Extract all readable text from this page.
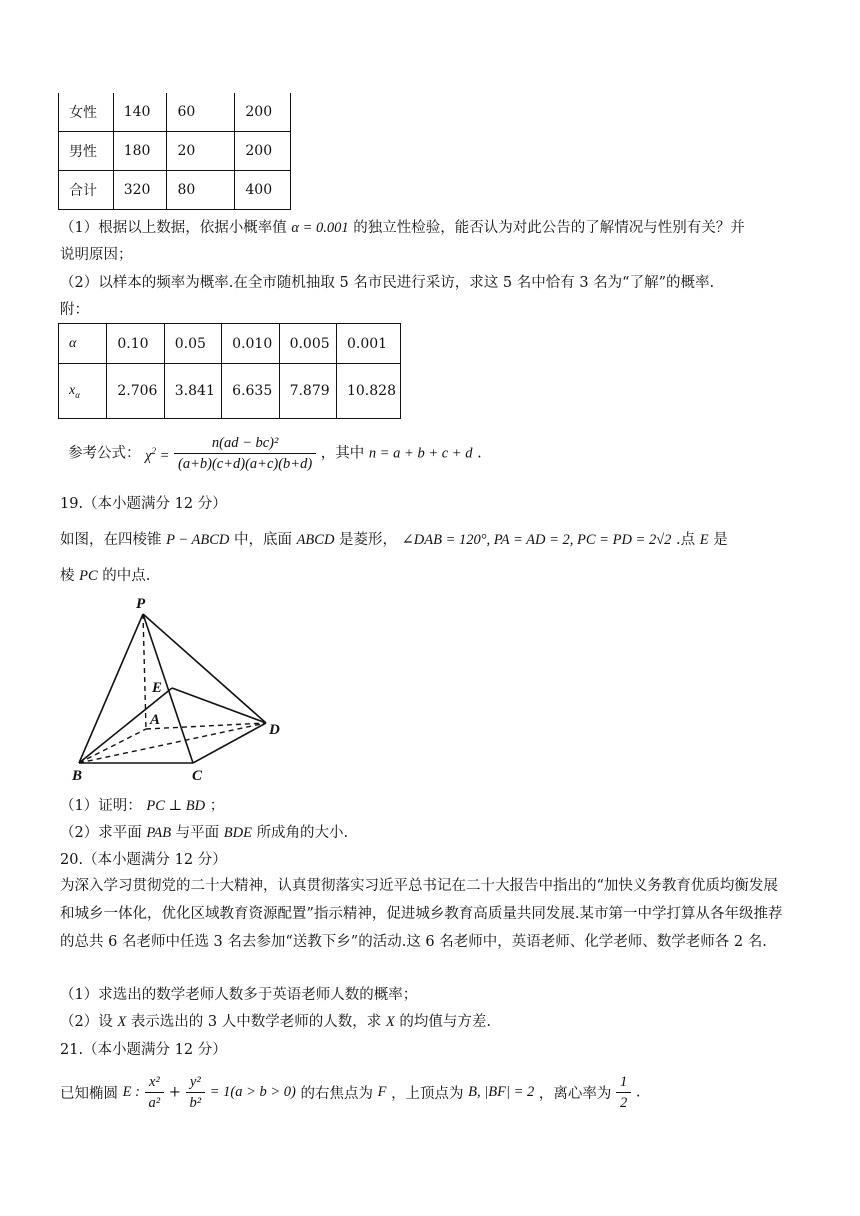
女性	140	60	200
男性	180	20	200
合计	320	80	400
（1）根据以上数据，依据小概率值 α = 0.001 的独立性检验，能否认为对此公告的了解情况与性别有关？并
说明原因；
（2）以样本的频率为概率.在全市随机抽取 5 名市民进行采访，求这 5 名中恰有 3 名为“了解”的概率.
附：
α	0.10	0.05	0.010	0.005	0.001
$x_\alpha$	2.706	3.841	6.635	7.879	10.828
参考公式： $\chi^2 = \frac{\text{n(ad − bc)²}}{(a+b)(c+d)(a+c)(b+d)}$ ，其中 n = a + b + c + d .
19.（本小题满分 12 分）
如图，在四棱锥 P − ABCD 中，底面 ABCD 是菱形， ∠DAB = 120°, PA = AD = 2, PC = PD = 2√2 .点 E 是
棱 PC 的中点.
P
E
A
D
B	C
（1）证明： PC ⊥ BD ；
（2）求平面 PAB 与平面 BDE 所成角的大小.
20.（本小题满分 12 分）
为深入学习贯彻党的二十大精神，认真贯彻落实习近平总书记在二十大报告中指出的“加快义务教育优质均衡发展和城乡一体化，优化区域教育资源配置”指示精神，促进城乡教育高质量共同发展.某市第一中学打算从各年级推荐的总共 6 名老师中任选 3 名去参加“送教下乡”的活动.这 6 名老师中，英语老师、化学老师、数学老师各 2 名.
（1）求选出的数学老师人数多于英语老师人数的概率；
（2）设 X 表示选出的 3 人中数学老师的人数，求 X 的均值与方差.
21.（本小题满分 12 分）
已知椭圆 E : $\frac{\text{x²}}{\text{a²}} + \frac{\text{y²}}{\text{b²}} = 1(a > b > 0)$ 的右焦点为 F ，上顶点为 B, |BF| = 2 ，离心率为 $\frac{1}{2}$ .
